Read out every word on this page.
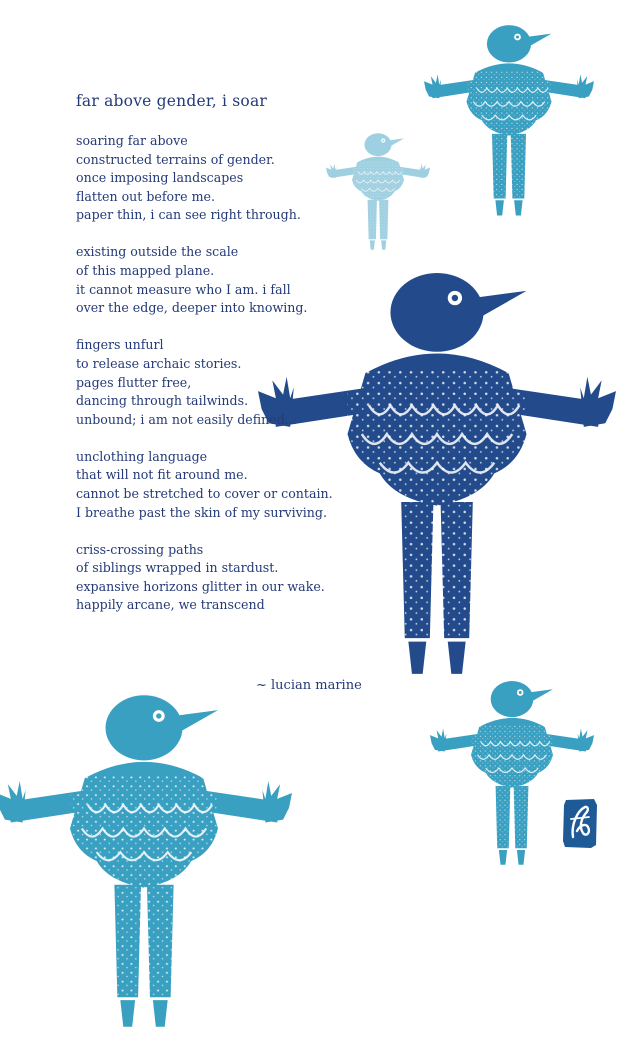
far above gender, i soar
soaring far above
constructed terrains of gender.
once imposing landscapes
flatten out before me.
paper thin, i can see right through.
existing outside the scale
of this mapped plane.
it cannot measure who I am. i fall
over the edge, deeper into knowing.
fingers unfurl
to release archaic stories.
pages flutter free,
dancing through tailwinds.
unbound; i am not easily defined...
unclothing language
that will not fit around me.
cannot be stretched to cover or contain.
I breathe past the skin of my surviving.
criss-crossing paths
of siblings wrapped in stardust.
expansive horizons glitter in our wake.
happily arcane, we transcend
~ lucian marine
